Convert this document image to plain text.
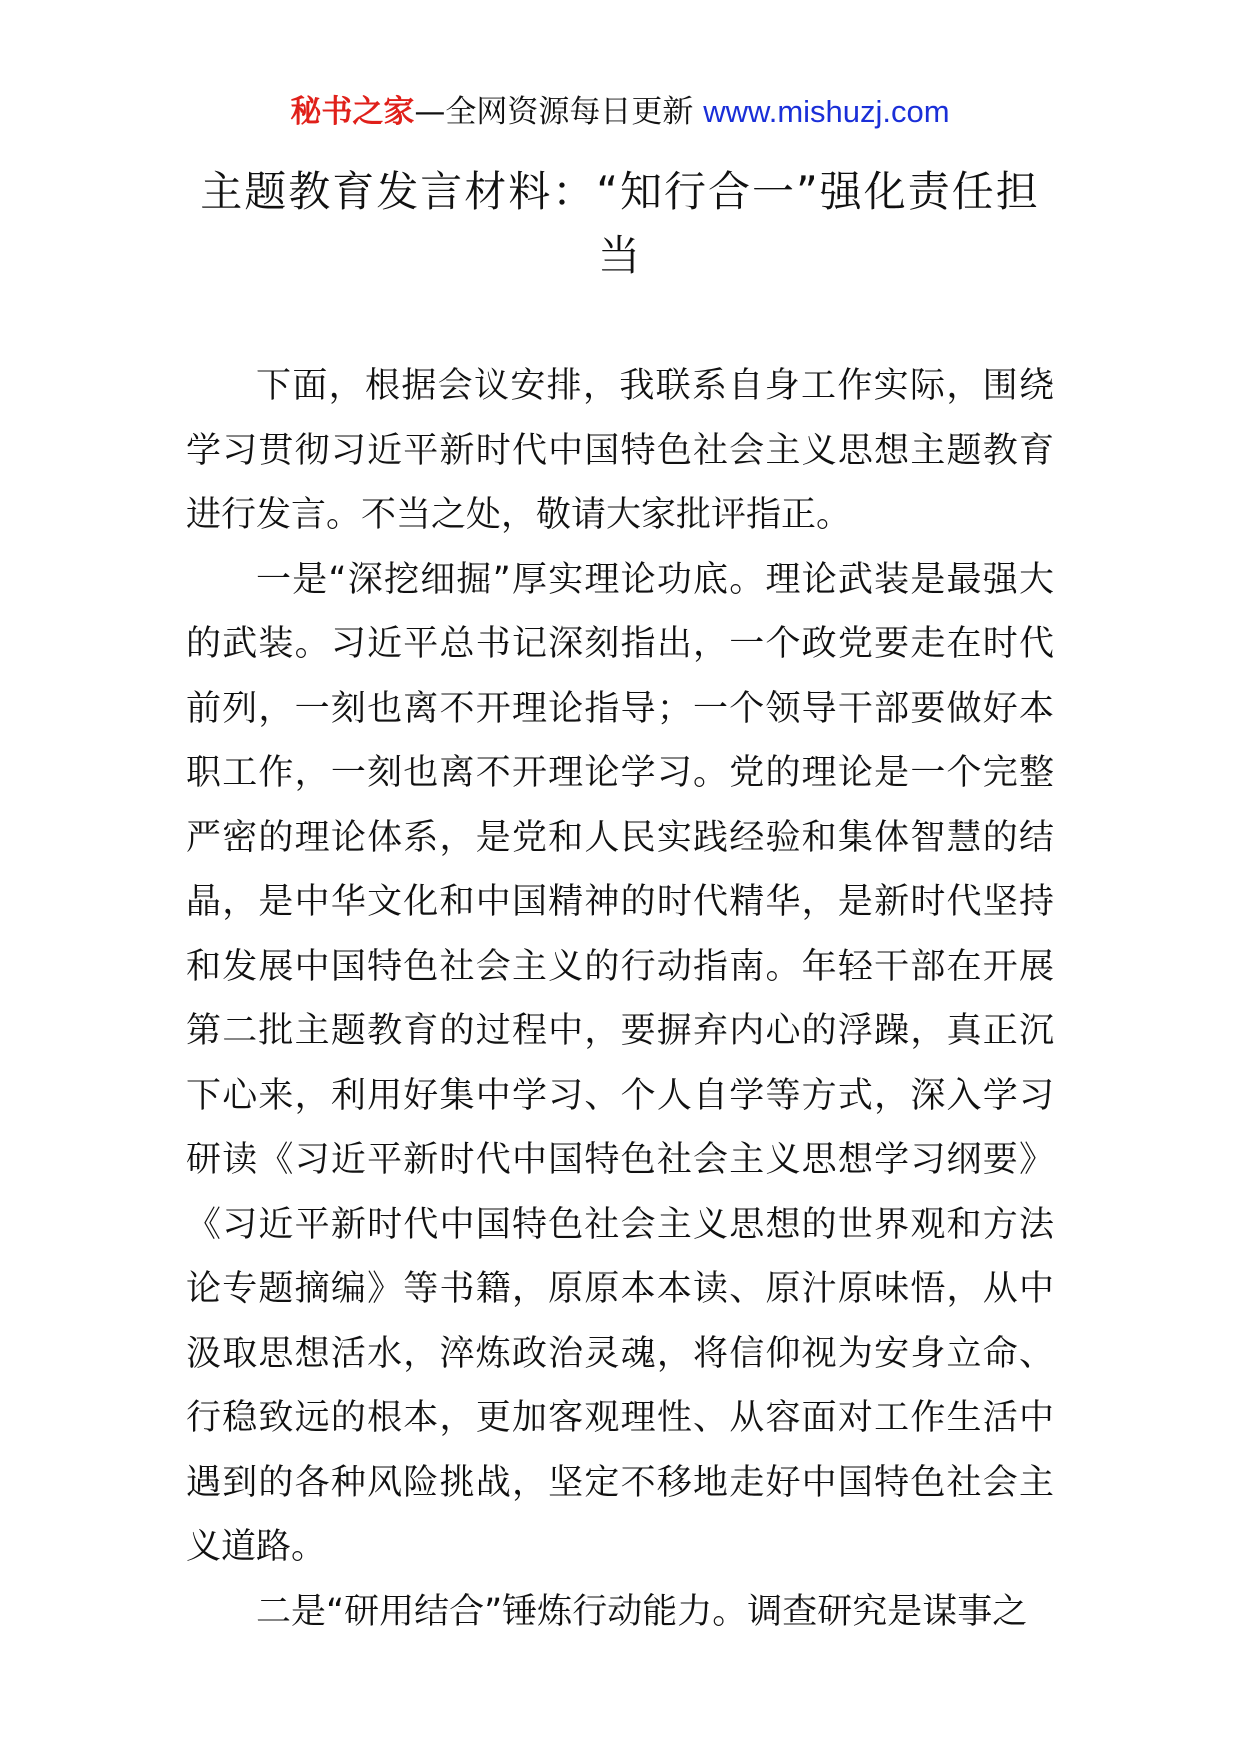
秘书之家—全网资源每日更新 www.mishuzj.com
主题教育发言材料：“知行合一”强化责任担当

下面，根据会议安排，我联系自身工作实际，围绕学习贯彻习近平新时代中国特色社会主义思想主题教育进行发言。不当之处，敬请大家批评指正。

一是“深挖细掘”厚实理论功底。理论武装是最强大的武装。习近平总书记深刻指出，一个政党要走在时代前列，一刻也离不开理论指导；一个领导干部要做好本职工作，一刻也离不开理论学习。党的理论是一个完整严密的理论体系，是党和人民实践经验和集体智慧的结晶，是中华文化和中国精神的时代精华，是新时代坚持和发展中国特色社会主义的行动指南。年轻干部在开展第二批主题教育的过程中，要摒弃内心的浮躁，真正沉下心来，利用好集中学习、个人自学等方式，深入学习研读《习近平新时代中国特色社会主义思想学习纲要》《习近平新时代中国特色社会主义思想的世界观和方法论专题摘编》等书籍，原原本本读、原汁原味悟，从中汲取思想活水，淬炼政治灵魂，将信仰视为安身立命、行稳致远的根本，更加客观理性、从容面对工作生活中遇到的各种风险挑战，坚定不移地走好中国特色社会主义道路。

二是“研用结合”锤炼行动能力。调查研究是谋事之
